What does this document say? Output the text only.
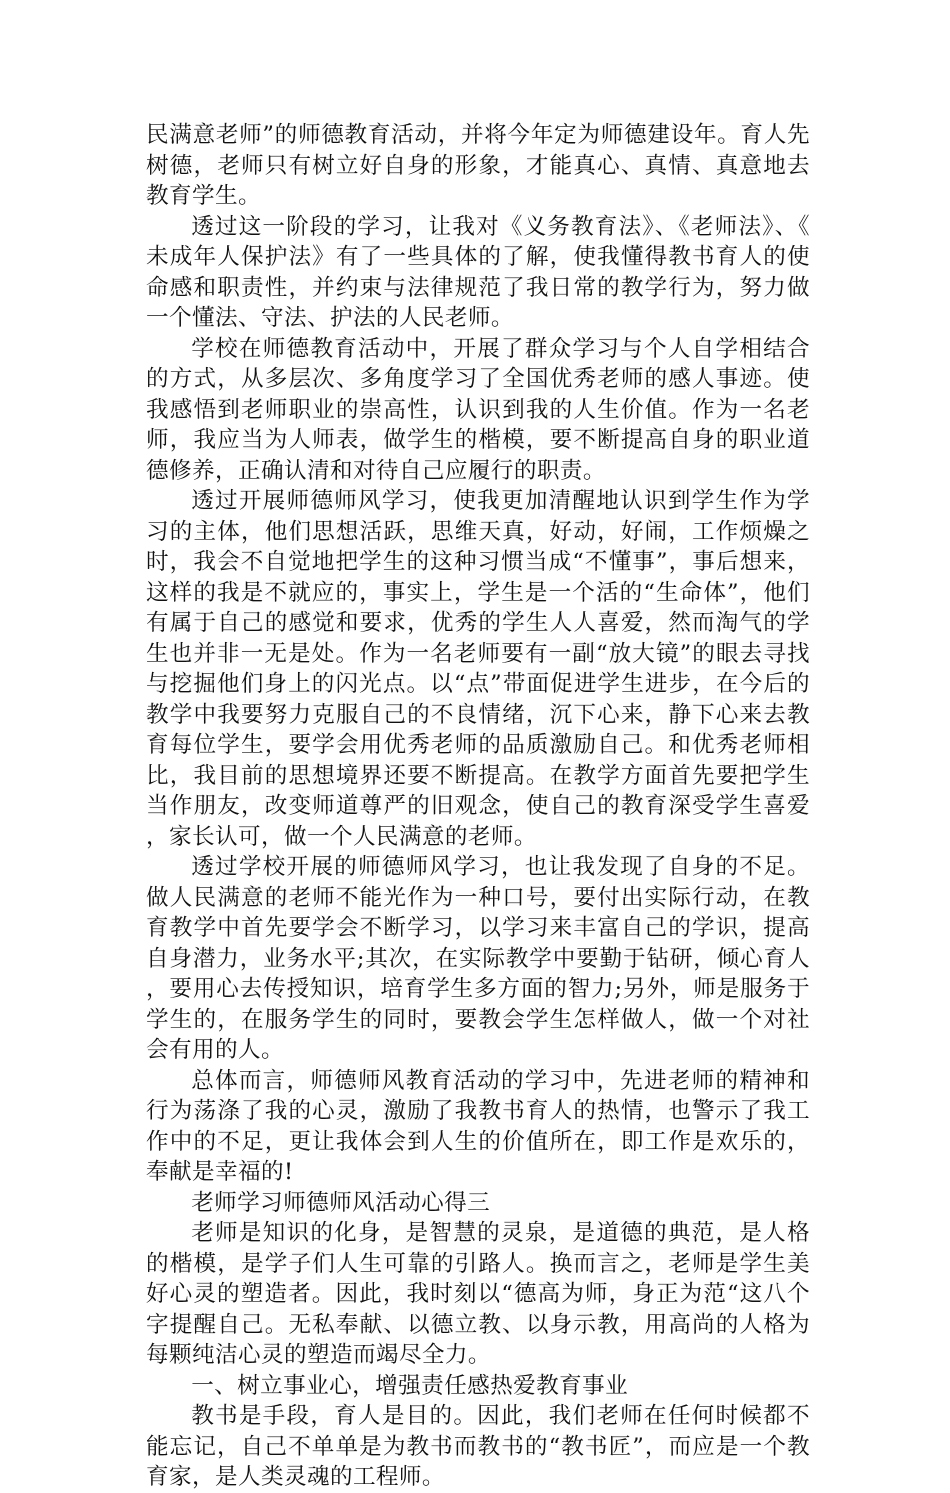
民满意老师”的师德教育活动，并将今年定为师德建设年。育人先树德，老师只有树立好自身的形象，才能真心、真情、真意地去教育学生。

透过这一阶段的学习，让我对《义务教育法》、《老师法》、《未成年人保护法》有了一些具体的了解，使我懂得教书育人的使命感和职责性，并约束与法律规范了我日常的教学行为，努力做一个懂法、守法、护法的人民老师。

学校在师德教育活动中，开展了群众学习与个人自学相结合的方式，从多层次、多角度学习了全国优秀老师的感人事迹。使我感悟到老师职业的崇高性，认识到我的人生价值。作为一名老师，我应当为人师表，做学生的楷模，要不断提高自身的职业道德修养，正确认清和对待自己应履行的职责。

透过开展师德师风学习，使我更加清醒地认识到学生作为学习的主体，他们思想活跃，思维天真，好动，好闹，工作烦燥之时，我会不自觉地把学生的这种习惯当成“不懂事”，事后想来，这样的我是不就应的，事实上，学生是一个活的“生命体”，他们有属于自己的感觉和要求，优秀的学生人人喜爱，然而淘气的学生也并非一无是处。作为一名老师要有一副“放大镜”的眼去寻找与挖掘他们身上的闪光点。以“点”带面促进学生进步，在今后的教学中我要努力克服自己的不良情绪，沉下心来，静下心来去教育每位学生，要学会用优秀老师的品质激励自己。和优秀老师相比，我目前的思想境界还要不断提高。在教学方面首先要把学生当作朋友，改变师道尊严的旧观念，使自己的教育深受学生喜爱，家长认可，做一个人民满意的老师。

透过学校开展的师德师风学习，也让我发现了自身的不足。做人民满意的老师不能光作为一种口号，要付出实际行动，在教育教学中首先要学会不断学习，以学习来丰富自己的学识，提高自身潜力，业务水平;其次，在实际教学中要勤于钻研，倾心育人，要用心去传授知识，培育学生多方面的智力;另外，师是服务于学生的，在服务学生的同时，要教会学生怎样做人，做一个对社会有用的人。

总体而言，师德师风教育活动的学习中，先进老师的精神和行为荡涤了我的心灵，激励了我教书育人的热情，也警示了我工作中的不足，更让我体会到人生的价值所在，即工作是欢乐的，奉献是幸福的!

老师学习师德师风活动心得三

老师是知识的化身，是智慧的灵泉，是道德的典范，是人格的楷模，是学子们人生可靠的引路人。换而言之，老师是学生美好心灵的塑造者。因此，我时刻以“德高为师，身正为范“这八个字提醒自己。无私奉献、以德立教、以身示教，用高尚的人格为每颗纯洁心灵的塑造而竭尽全力。

一、树立事业心，增强责任感热爱教育事业

教书是手段，育人是目的。因此，我们老师在任何时候都不能忘记，自己不单单是为教书而教书的“教书匠”，而应是一个教育家，是人类灵魂的工程师。
